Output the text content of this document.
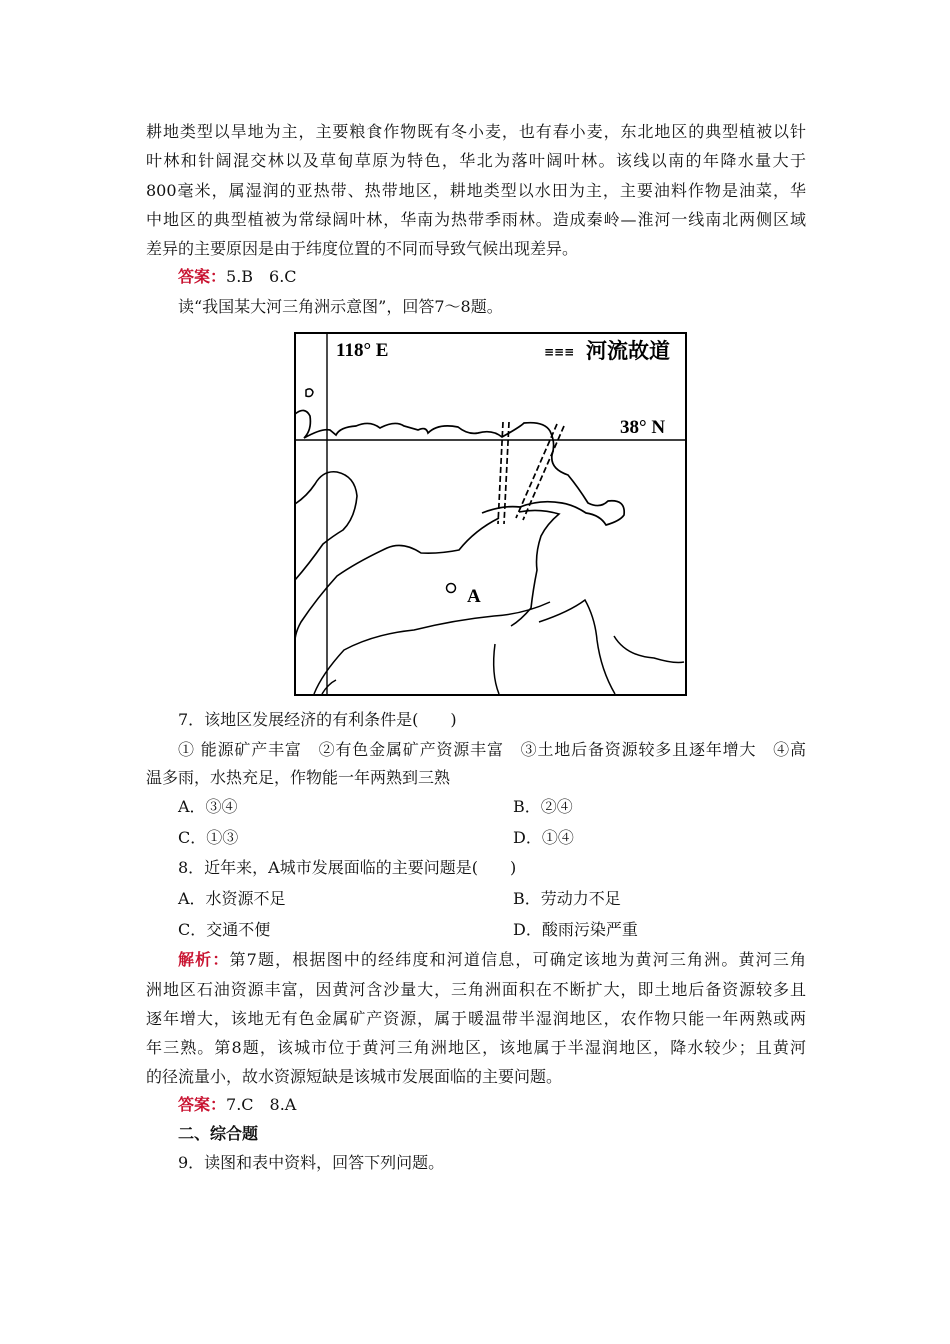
耕地类型以旱地为主，主要粮食作物既有冬小麦，也有春小麦，东北地区的典型植被以针
叶林和针阔混交林以及草甸草原为特色，华北为落叶阔叶林。该线以南的年降水量大于
800毫米，属湿润的亚热带、热带地区，耕地类型以水田为主，主要油料作物是油菜，华
中地区的典型植被为常绿阔叶林，华南为热带季雨林。造成秦岭—淮河一线南北两侧区域
差异的主要原因是由于纬度位置的不同而导致气候出现差异。
答案：5.B　6.C
读“我国某大河三角洲示意图”，回答7～8题。
118° E	≡≡≡ 河流故道
38° N
A
7．该地区发展经济的有利条件是(　　)
① 能源矿产丰富　②有色金属矿产资源丰富　③土地后备资源较多且逐年增大　④高
温多雨，水热充足，作物能一年两熟到三熟
A．③④	B．②④
C．①③	D．①④
8．近年来，A城市发展面临的主要问题是(　　)
A．水资源不足	B．劳动力不足
C．交通不便	D．酸雨污染严重
解析：第7题，根据图中的经纬度和河道信息，可确定该地为黄河三角洲。黄河三角
洲地区石油资源丰富，因黄河含沙量大，三角洲面积在不断扩大，即土地后备资源较多且
逐年增大，该地无有色金属矿产资源，属于暖温带半湿润地区，农作物只能一年两熟或两
年三熟。第8题，该城市位于黄河三角洲地区，该地属于半湿润地区，降水较少；且黄河
的径流量小，故水资源短缺是该城市发展面临的主要问题。
答案：7.C　8.A
二、综合题
9．读图和表中资料，回答下列问题。
